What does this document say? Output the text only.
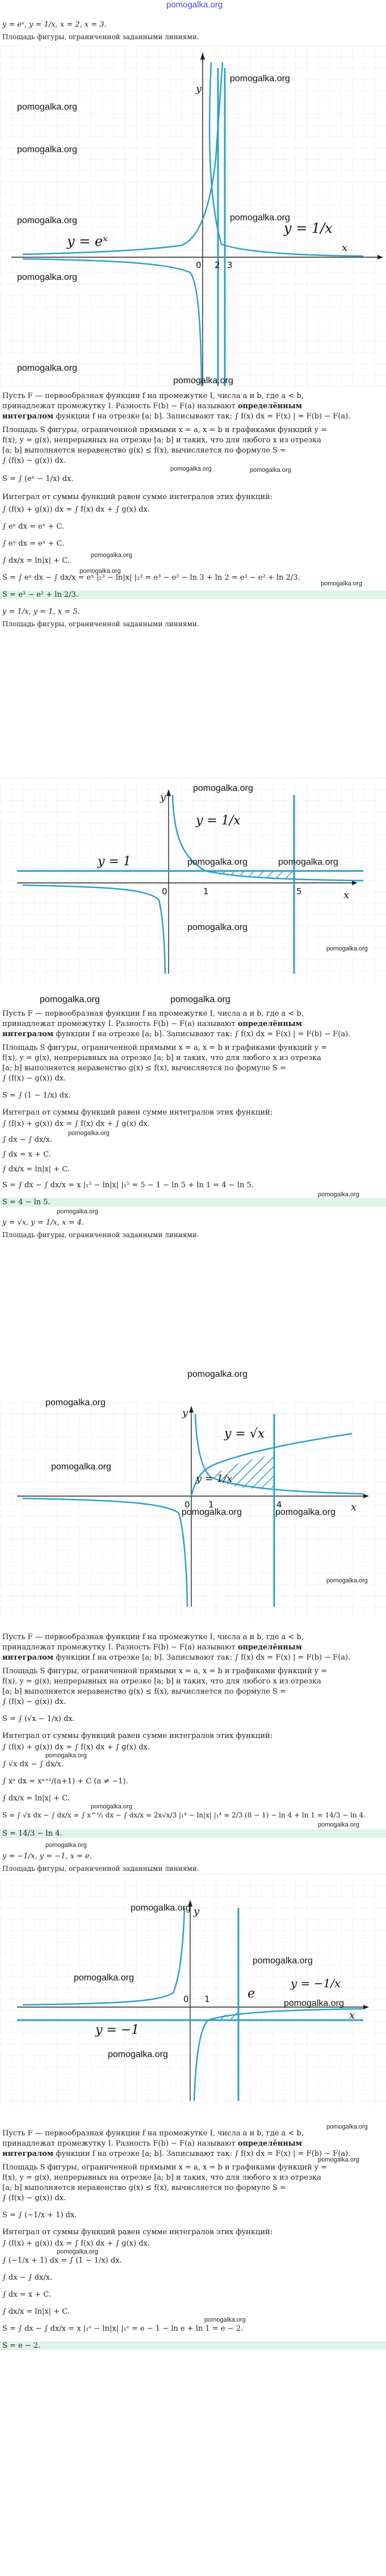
pomogalka.org
y = eˣ, y = 1/x, x = 2, x = 3.
Площадь фигуры, ограниченной заданными линиями.
y = eˣ
y = 1/x
0 2 3
x
y
pomogalka.org
pomogalka.org
pomogalka.org
pomogalka.org
pomogalka.org
pomogalka.org
pomogalka.org
pomogalka.org
Пусть F — первообразная функции f на промежутке I, числа a и b, где a < b,
принадлежат промежутку I. Разность F(b) − F(a) называют определённым
интегралом функции f на отрезке [a; b]. Записывают так: ∫ f(x) dx = F(x) | = F(b) − F(a).
Площадь S фигуры, ограниченной прямыми x = a, x = b и графиками функций y =
f(x), y = g(x), непрерывных на отрезке [a; b] и таких, что для любого x из отрезка
[a; b] выполняется неравенство g(x) ≤ f(x), вычисляется по формуле S =
∫ (f(x) − g(x)) dx.
S = ∫ (eˣ − 1/x) dx.
Интеграл от суммы функций равен сумме интегралов этих функций:
∫ (f(x) + g(x)) dx = ∫ f(x) dx + ∫ g(x) dx.
∫ eˣ dx = eˣ + C.
∫ eˣ dx = eˣ + C.
∫ dx/x = ln|x| + C.
S = ∫ eˣ dx − ∫ dx/x = eˣ |₂³ − ln|x| |₂³ = e³ − e² − ln 3 + ln 2 = e³ − e² + ln 2/3.
S = e³ − e² + ln 2/3.
pomogalka.org
pomogalka.org
pomogalka.org	pomogalka.org
pomogalka.org
y = 1/x, y = 1, x = 5.
Площадь фигуры, ограниченной заданными линиями.
y = 1
y = 1/x
0	1	5	x
y
pomogalka.org
pomogalka.org	pomogalka.org
pomogalka.org
pomogalka.org
Пусть F — первообразная функции f на промежутке I, числа a и b, где a < b,
принадлежат промежутку I. Разность F(b) − F(a) называют определённым
интегралом функции f на отрезке [a; b]. Записывают так: ∫ f(x) dx = F(x) | = F(b) − F(a).
Площадь S фигуры, ограниченной прямыми x = a, x = b и графиками функций y =
f(x), y = g(x), непрерывных на отрезке [a; b] и таких, что для любого x из отрезка
[a; b] выполняется неравенство g(x) ≤ f(x), вычисляется по формуле S =
∫ (f(x) − g(x)) dx.
S = ∫ (1 − 1/x) dx.
Интеграл от суммы функций равен сумме интегралов этих функций:
∫ (f(x) + g(x)) dx = ∫ f(x) dx + ∫ g(x) dx.
∫ dx − ∫ dx/x.
∫ dx = x + C.
∫ dx/x = ln|x| + C.
S = ∫ dx − ∫ dx/x = x |₁⁵ − ln|x| |₁⁵ = 5 − 1 − ln 5 + ln 1 = 4 − ln 5.
S = 4 − ln 5.
pomogalka.org	pomogalka.org
pomogalka.org
pomogalka.org
pomogalka.org
y = √x, y = 1/x, x = 4.
Площадь фигуры, ограниченной заданными линиями.
y = √x
y = 1/x
0 1	4	x
y
pomogalka.org
pomogalka.org
pomogalka.org
pomogalka.org	pomogalka.org
pomogalka.org
Пусть F — первообразная функции f на промежутке I, числа a и b, где a < b,
принадлежат промежутку I. Разность F(b) − F(a) называют определённым
интегралом функции f на отрезке [a; b]. Записывают так: ∫ f(x) dx = F(x) | = F(b) − F(a).
Площадь S фигуры, ограниченной прямыми x = a, x = b и графиками функций y =
f(x), y = g(x), непрерывных на отрезке [a; b] и таких, что для любого x из отрезка
[a; b] выполняется неравенство g(x) ≤ f(x), вычисляется по формуле S =
∫ (f(x) − g(x)) dx.
S = ∫ (√x − 1/x) dx.
Интеграл от суммы функций равен сумме интегралов этих функций:
∫ (f(x) + g(x)) dx = ∫ f(x) dx + ∫ g(x) dx.
∫ √x dx − ∫ dx/x.
∫ xᵃ dx = xᵃ⁺¹/(a+1) + C (a ≠ −1).
∫ dx/x = ln|x| + C.
S = ∫ √x dx − ∫ dx/x = ∫ x^½ dx − ∫ dx/x = 2x√x/3 |₁⁴ − ln|x| |₁⁴ = 2/3 (8 − 1) − ln 4 + ln 1 = 14/3 − ln 4.
S = 14/3 − ln 4.
pomogalka.org
pomogalka.org
pomogalka.org
pomogalka.org
y = −1/x, y = −1, x = e.
Площадь фигуры, ограниченной заданными линиями.
y = −1
y = −1/x
0 1	e
x
y
pomogalka.org
pomogalka.org
pomogalka.org
pomogalka.org
pomogalka.org
Пусть F — первообразная функции f на промежутке I, числа a и b, где a < b,
принадлежат промежутку I. Разность F(b) − F(a) называют определённым
интегралом функции f на отрезке [a; b]. Записывают так: ∫ f(x) dx = F(x) | = F(b) − F(a).
Площадь S фигуры, ограниченной прямыми x = a, x = b и графиками функций y =
f(x), y = g(x), непрерывных на отрезке [a; b] и таких, что для любого x из отрезка
[a; b] выполняется неравенство g(x) ≤ f(x), вычисляется по формуле S =
∫ (f(x) − g(x)) dx.
S = ∫ (−1/x + 1) dx.
Интеграл от суммы функций равен сумме интегралов этих функций:
∫ (f(x) + g(x)) dx = ∫ f(x) dx + ∫ g(x) dx.
∫ (−1/x + 1) dx = ∫ (1 − 1/x) dx.
∫ dx − ∫ dx/x.
∫ dx = x + C.
∫ dx/x = ln|x| + C.
S = ∫ dx − ∫ dx/x = x |₁ᵉ − ln|x| |₁ᵉ = e − 1 − ln e + ln 1 = e − 2.
S = e − 2.
pomogalka.org
pomogalka.org
pomogalka.org
pomogalka.org
